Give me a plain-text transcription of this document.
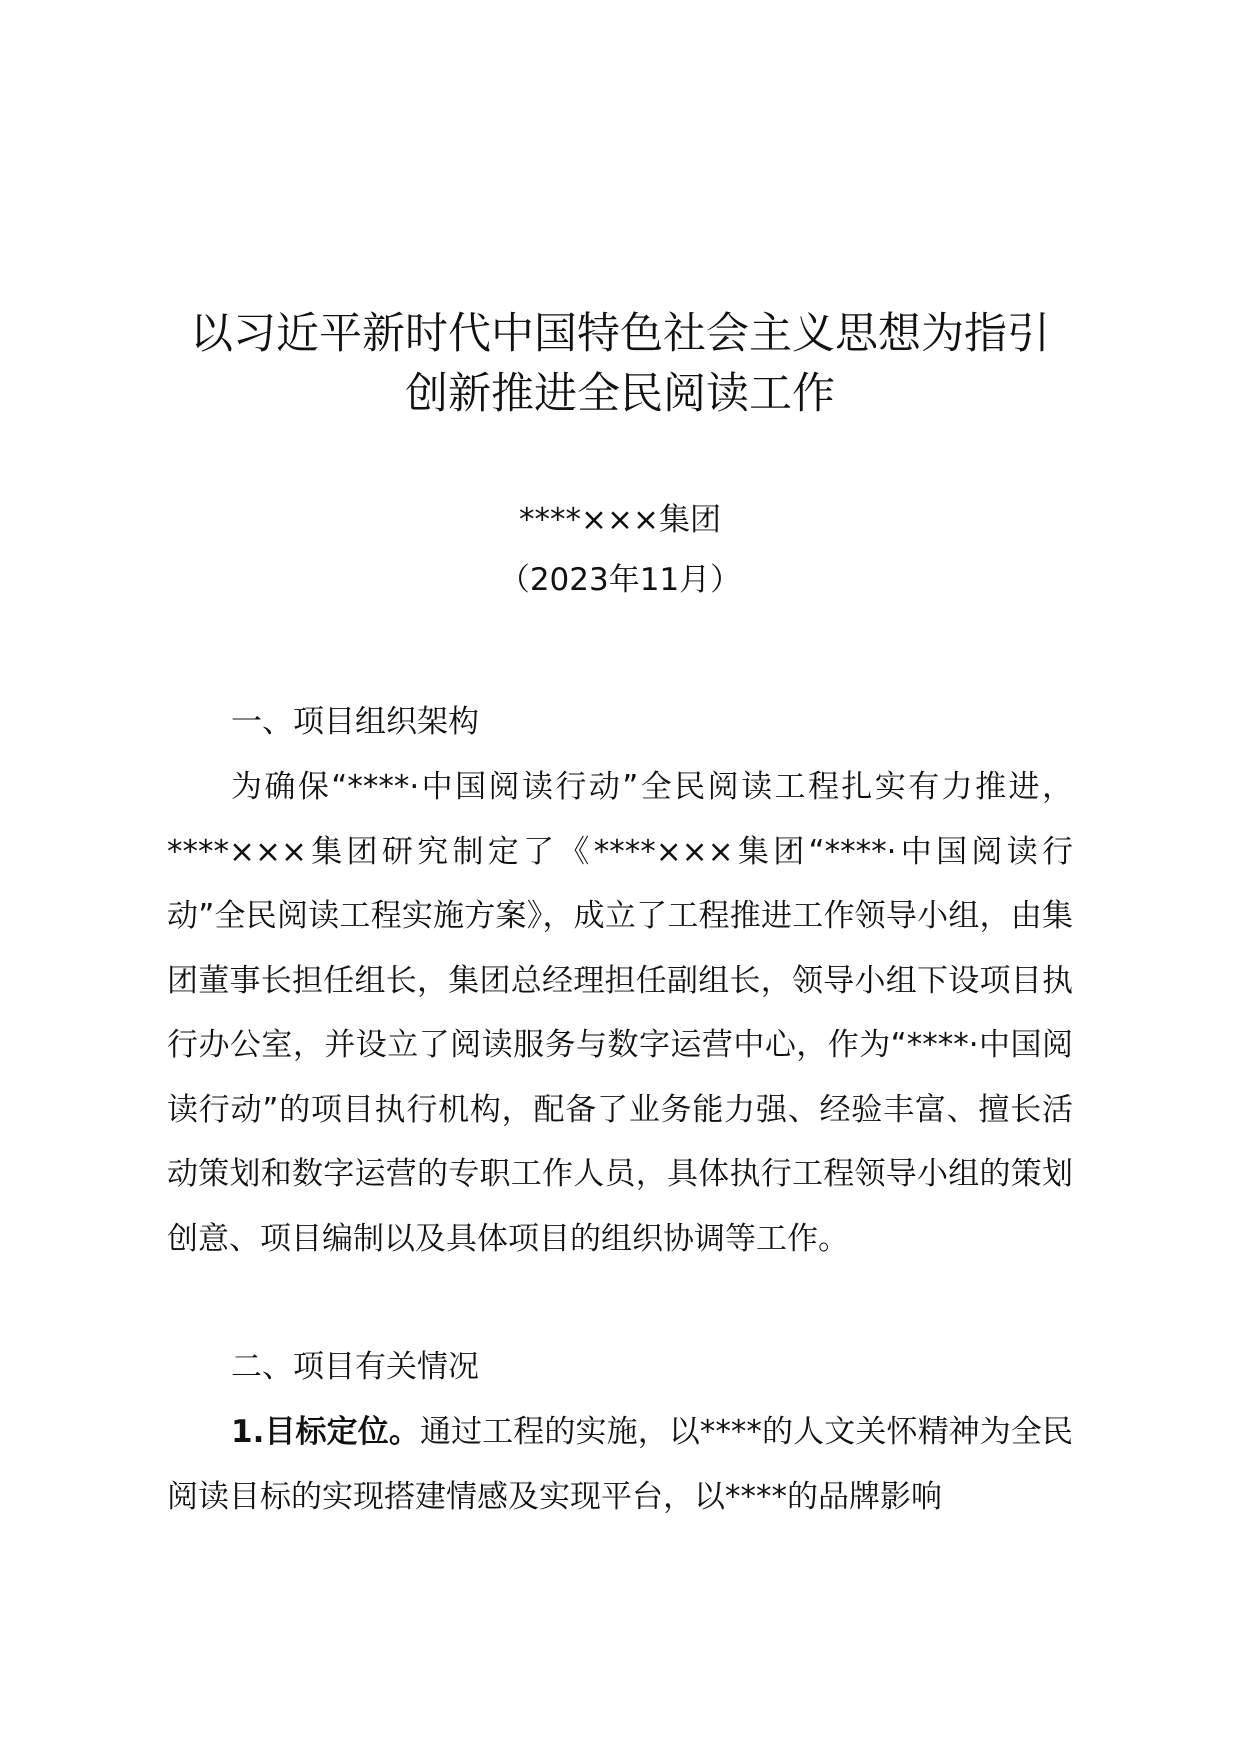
以习近平新时代中国特色社会主义思想为指引
创新推进全民阅读工作
****×××集团
（2023年11月）
一、项目组织架构
为确保“****·中国阅读行动”全民阅读工程扎实有力推进，****×××集团研究制定了《****×××集团“****·中国阅读行动”全民阅读工程实施方案》，成立了工程推进工作领导小组，由集团董事长担任组长，集团总经理担任副组长，领导小组下设项目执行办公室，并设立了阅读服务与数字运营中心，作为“****·中国阅读行动”的项目执行机构，配备了业务能力强、经验丰富、擅长活动策划和数字运营的专职工作人员，具体执行工程领导小组的策划创意、项目编制以及具体项目的组织协调等工作。
二、项目有关情况
1.目标定位。通过工程的实施，以****的人文关怀精神为全民阅读目标的实现搭建情感及实现平台，以****的品牌影响
